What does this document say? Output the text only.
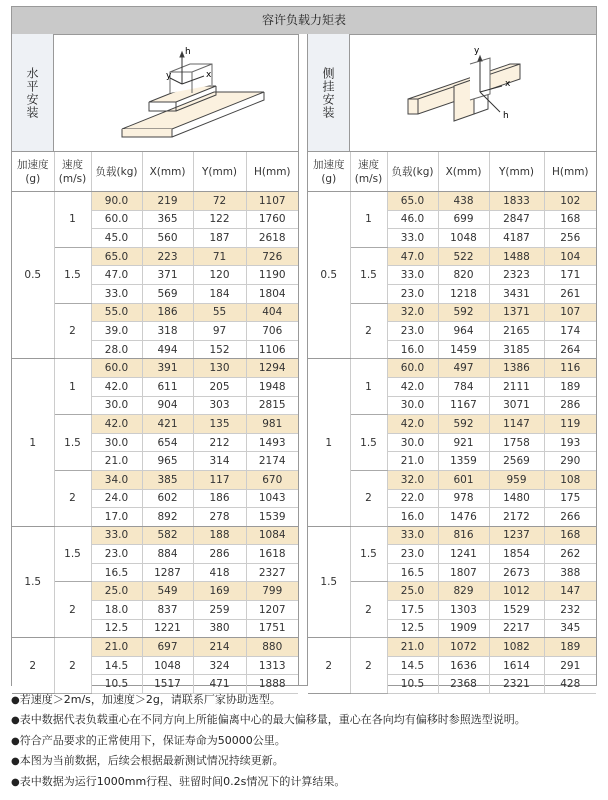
容许负载力矩表
水平安装
h
y	x
加速度
(g)	速度
(m/s)	负载(kg)	X(mm)	Y(mm)	H(mm)
0.5	1	90.0	219	72	1107
		60.0	365	122	1760
		45.0	560	187	2618
	1.5	65.0	223	71	726
		47.0	371	120	1190
		33.0	569	184	1804
	2	55.0	186	55	404
		39.0	318	97	706
		28.0	494	152	1106
1	1	60.0	391	130	1294
		42.0	611	205	1948
		30.0	904	303	2815
	1.5	42.0	421	135	981
		30.0	654	212	1493
		21.0	965	314	2174
	2	34.0	385	117	670
		24.0	602	186	1043
		17.0	892	278	1539
1.5	1.5	33.0	582	188	1084
		23.0	884	286	1618
		16.5	1287	418	2327
	2	25.0	549	169	799
		18.0	837	259	1207
		12.5	1221	380	1751
2	2	21.0	697	214	880
		14.5	1048	324	1313
		10.5	1517	471	1888
侧挂安装
y
x
h
加速度
(g)	速度
(m/s)	负载(kg)	X(mm)	Y(mm)	H(mm)
0.5	1	65.0	438	1833	102
		46.0	699	2847	168
		33.0	1048	4187	256
	1.5	47.0	522	1488	104
		33.0	820	2323	171
		23.0	1218	3431	261
	2	32.0	592	1371	107
		23.0	964	2165	174
		16.0	1459	3185	264
1	1	60.0	497	1386	116
		42.0	784	2111	189
		30.0	1167	3071	286
	1.5	42.0	592	1147	119
		30.0	921	1758	193
		21.0	1359	2569	290
	2	32.0	601	959	108
		22.0	978	1480	175
		16.0	1476	2172	266
1.5	1.5	33.0	816	1237	168
		23.0	1241	1854	262
		16.5	1807	2673	388
	2	25.0	829	1012	147
		17.5	1303	1529	232
		12.5	1909	2217	345
2	2	21.0	1072	1082	189
		14.5	1636	1614	291
		10.5	2368	2321	428
● 若速度＞2m/s，加速度＞2g，请联系厂家协助选型。
● 表中数据代表负载重心在不同方向上所能偏离中心的最大偏移量，重心在各向均有偏移时参照选型说明。
● 符合产品要求的正常使用下，保证寿命为50000公里。
● 本图为当前数据，后续会根据最新测试情况持续更新。
● 表中数据为运行1000mm行程、驻留时间0.2s情况下的计算结果。
